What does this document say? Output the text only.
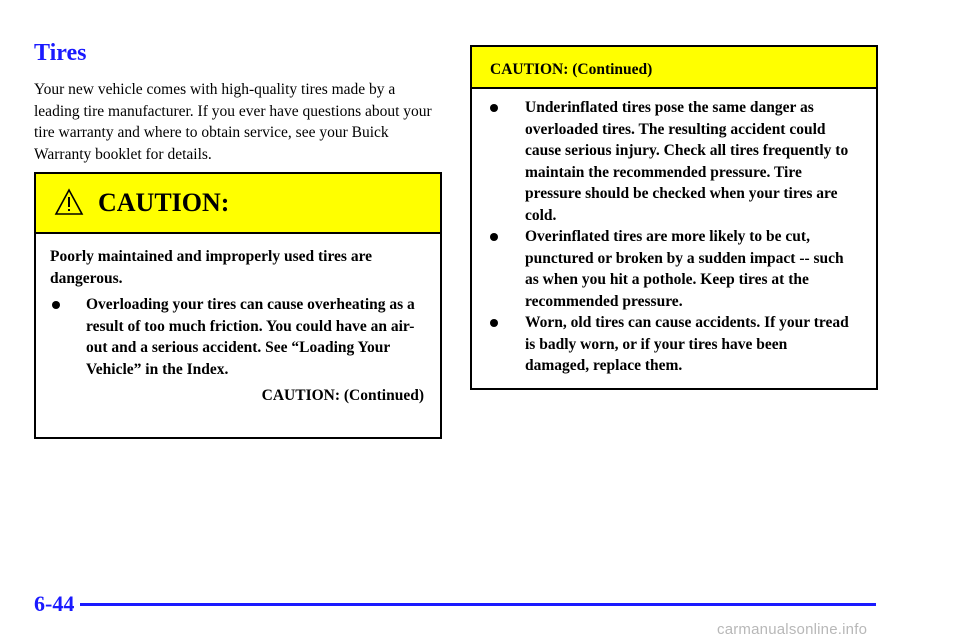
Tires
Your new vehicle comes with high-quality tires made by a leading tire manufacturer. If you ever have questions about your tire warranty and where to obtain service, see your Buick Warranty booklet for details.
CAUTION:

Poorly maintained and improperly used tires are dangerous.

Overloading your tires can cause overheating as a result of too much friction. You could have an air-out and a serious accident. See “Loading Your Vehicle” in the Index.
CAUTION: (Continued)
CAUTION: (Continued)
Underinflated tires pose the same danger as overloaded tires. The resulting accident could cause serious injury. Check all tires frequently to maintain the recommended pressure. Tire pressure should be checked when your tires are cold.
Overinflated tires are more likely to be cut, punctured or broken by a sudden impact -- such as when you hit a pothole. Keep tires at the recommended pressure.
Worn, old tires can cause accidents. If your tread is badly worn, or if your tires have been damaged, replace them.
6-44
carmanualsonline.info
